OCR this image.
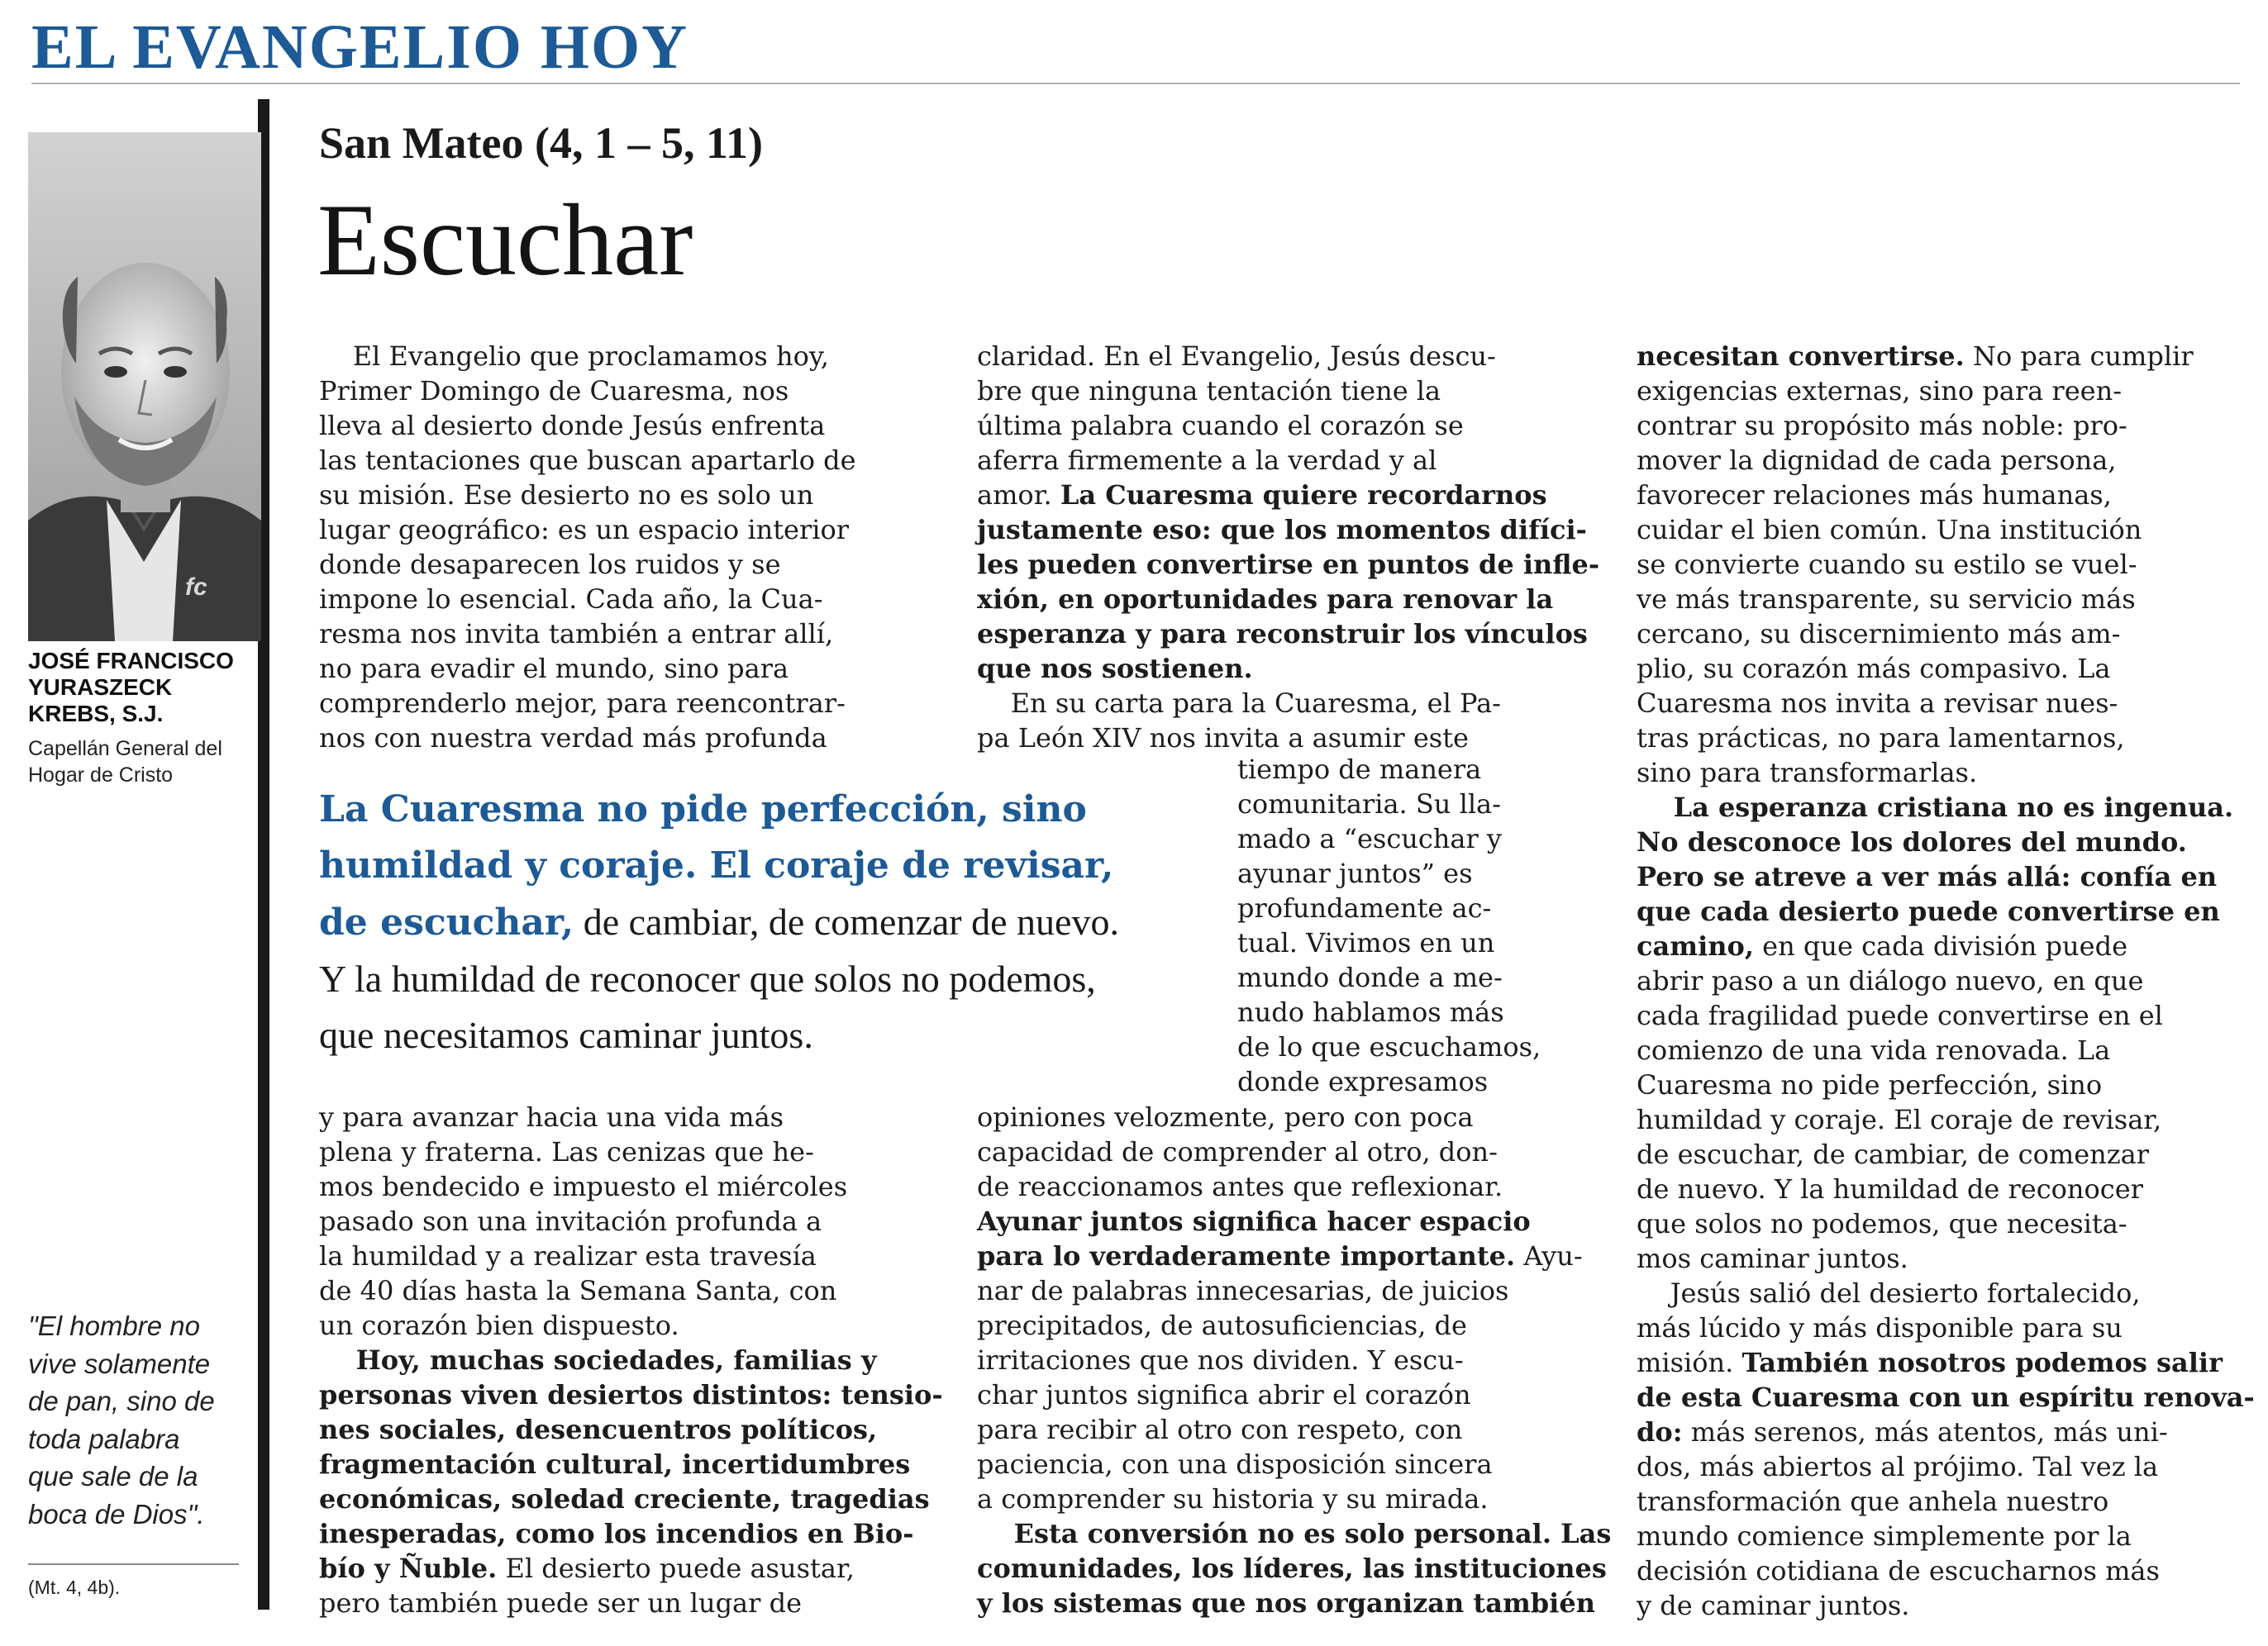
EL EVANGELIO HOY
fc
JOSÉ FRANCISCO
YURASZECK
KREBS, S.J.
Capellán General del
Hogar de Cristo
"El hombre no
vive solamente
de pan, sino de
toda palabra
que sale de la
boca de Dios".
(Mt. 4, 4b).
San Mateo (4, 1 – 5, 11)
Escuchar
El Evangelio que proclamamos hoy,
Primer Domingo de Cuaresma, nos
lleva al desierto donde Jesús enfrenta
las tentaciones que buscan apartarlo de
su misión. Ese desierto no es solo un
lugar geográfico: es un espacio interior
donde desaparecen los ruidos y se
impone lo esencial. Cada año, la Cua-
resma nos invita también a entrar allí,
no para evadir el mundo, sino para
comprenderlo mejor, para reencontrar-
nos con nuestra verdad más profunda
La Cuaresma no pide perfección, sino
humildad y coraje. El coraje de revisar,
de escuchar, de cambiar, de comenzar de nuevo.
Y la humildad de reconocer que solos no podemos,
que necesitamos caminar juntos.
y para avanzar hacia una vida más
plena y fraterna. Las cenizas que he-
mos bendecido e impuesto el miércoles
pasado son una invitación profunda a
la humildad y a realizar esta travesía
de 40 días hasta la Semana Santa, con
un corazón bien dispuesto.
Hoy, muchas sociedades, familias y
personas viven desiertos distintos: tensio-
nes sociales, desencuentros políticos,
fragmentación cultural, incertidumbres
económicas, soledad creciente, tragedias
inesperadas, como los incendios en Bio-
bío y Ñuble. El desierto puede asustar,
pero también puede ser un lugar de
claridad. En el Evangelio, Jesús descu-
bre que ninguna tentación tiene la
última palabra cuando el corazón se
aferra firmemente a la verdad y al
amor. La Cuaresma quiere recordarnos
justamente eso: que los momentos difíci-
les pueden convertirse en puntos de infle-
xión, en oportunidades para renovar la
esperanza y para reconstruir los vínculos
que nos sostienen.
En su carta para la Cuaresma, el Pa-
pa León XIV nos invita a asumir este
tiempo de manera
comunitaria. Su lla-
mado a “escuchar y
ayunar juntos” es
profundamente ac-
tual. Vivimos en un
mundo donde a me-
nudo hablamos más
de lo que escuchamos,
donde expresamos
opiniones velozmente, pero con poca
capacidad de comprender al otro, don-
de reaccionamos antes que reflexionar.
Ayunar juntos significa hacer espacio
para lo verdaderamente importante. Ayu-
nar de palabras innecesarias, de juicios
precipitados, de autosuficiencias, de
irritaciones que nos dividen. Y escu-
char juntos significa abrir el corazón
para recibir al otro con respeto, con
paciencia, con una disposición sincera
a comprender su historia y su mirada.
Esta conversión no es solo personal. Las
comunidades, los líderes, las instituciones
y los sistemas que nos organizan también
necesitan convertirse. No para cumplir
exigencias externas, sino para reen-
contrar su propósito más noble: pro-
mover la dignidad de cada persona,
favorecer relaciones más humanas,
cuidar el bien común. Una institución
se convierte cuando su estilo se vuel-
ve más transparente, su servicio más
cercano, su discernimiento más am-
plio, su corazón más compasivo. La
Cuaresma nos invita a revisar nues-
tras prácticas, no para lamentarnos,
sino para transformarlas.
La esperanza cristiana no es ingenua.
No desconoce los dolores del mundo.
Pero se atreve a ver más allá: confía en
que cada desierto puede convertirse en
camino, en que cada división puede
abrir paso a un diálogo nuevo, en que
cada fragilidad puede convertirse en el
comienzo de una vida renovada. La
Cuaresma no pide perfección, sino
humildad y coraje. El coraje de revisar,
de escuchar, de cambiar, de comenzar
de nuevo. Y la humildad de reconocer
que solos no podemos, que necesita-
mos caminar juntos.
Jesús salió del desierto fortalecido,
más lúcido y más disponible para su
misión. También nosotros podemos salir
de esta Cuaresma con un espíritu renova-
do: más serenos, más atentos, más uni-
dos, más abiertos al prójimo. Tal vez la
transformación que anhela nuestro
mundo comience simplemente por la
decisión cotidiana de escucharnos más
y de caminar juntos.
